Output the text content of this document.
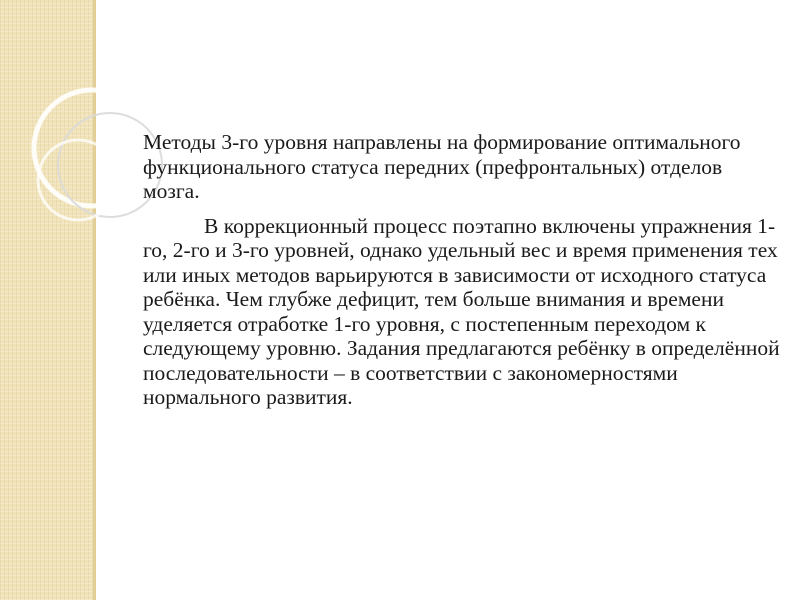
Методы 3-го уровня направлены на формирование оптимального функционального статуса передних (префронтальных) отделов мозга.

В коррекционный процесс поэтапно включены упражнения 1-го, 2-го и 3-го уровней, однако удельный вес и время применения тех или иных методов варьируются в зависимости от исходного статуса ребёнка. Чем глубже дефицит, тем больше внимания и времени уделяется отработке 1-го уровня, с постепенным переходом к следующему уровню. Задания предлагаются ребёнку в определённой последовательности – в соответствии с закономерностями нормального развития.
